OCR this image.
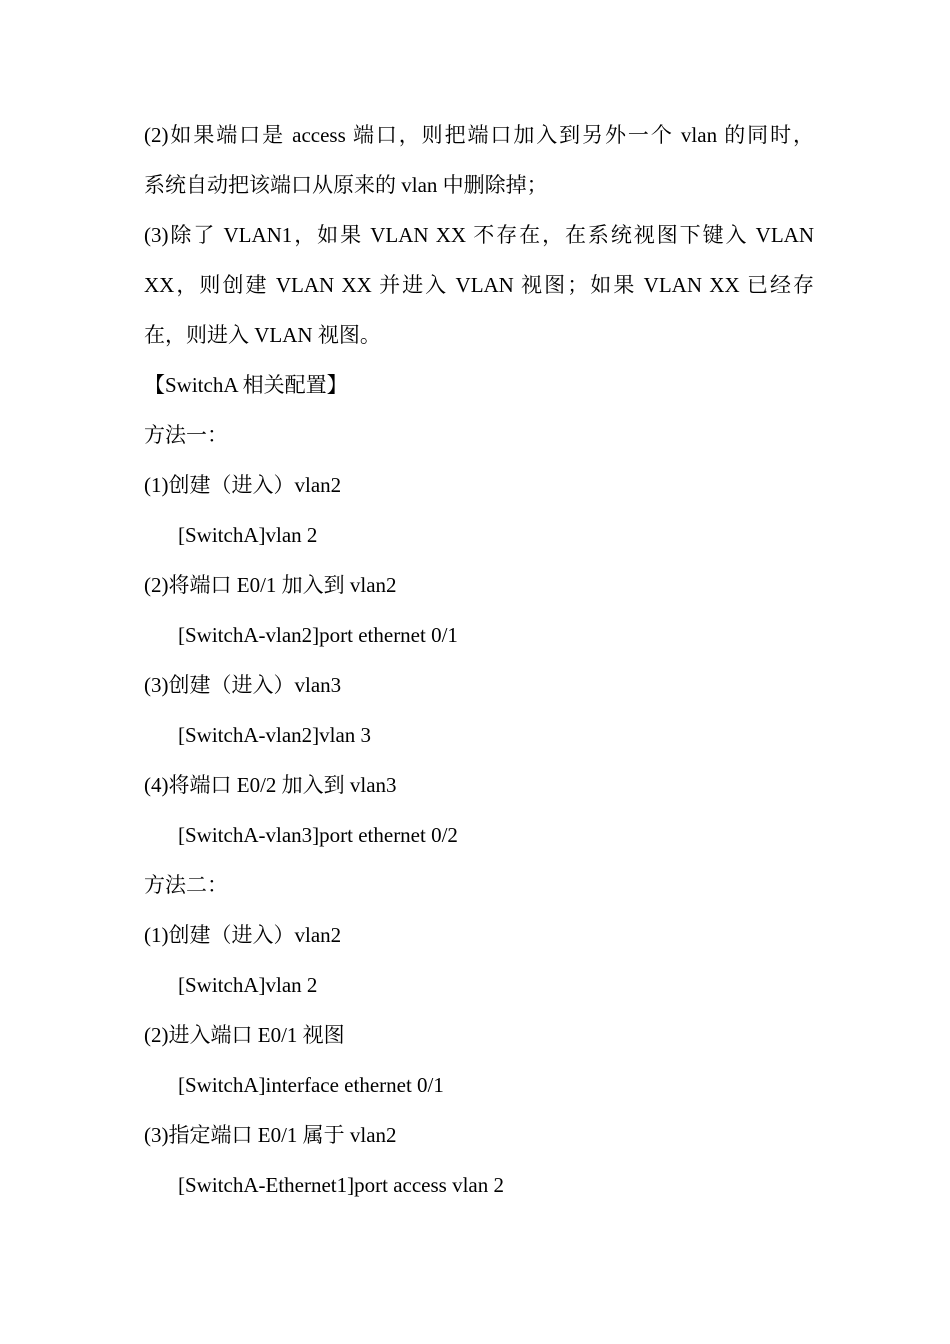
(2)如果端口是 access 端口，则把端口加入到另外一个 vlan 的同时，
系统自动把该端口从原来的 vlan 中删除掉；
(3)除了 VLAN1，如果 VLAN XX 不存在，在系统视图下键入 VLAN
XX，则创建 VLAN XX 并进入 VLAN 视图；如果 VLAN XX 已经存
在，则进入 VLAN 视图。
【SwitchA 相关配置】
方法一：
(1)创建（进入）vlan2
[SwitchA]vlan 2
(2)将端口 E0/1 加入到 vlan2
[SwitchA-vlan2]port ethernet 0/1
(3)创建（进入）vlan3
[SwitchA-vlan2]vlan 3
(4)将端口 E0/2 加入到 vlan3
[SwitchA-vlan3]port ethernet 0/2
方法二：
(1)创建（进入）vlan2
[SwitchA]vlan 2
(2)进入端口 E0/1 视图
[SwitchA]interface ethernet 0/1
(3)指定端口 E0/1 属于 vlan2
[SwitchA-Ethernet1]port access vlan 2
